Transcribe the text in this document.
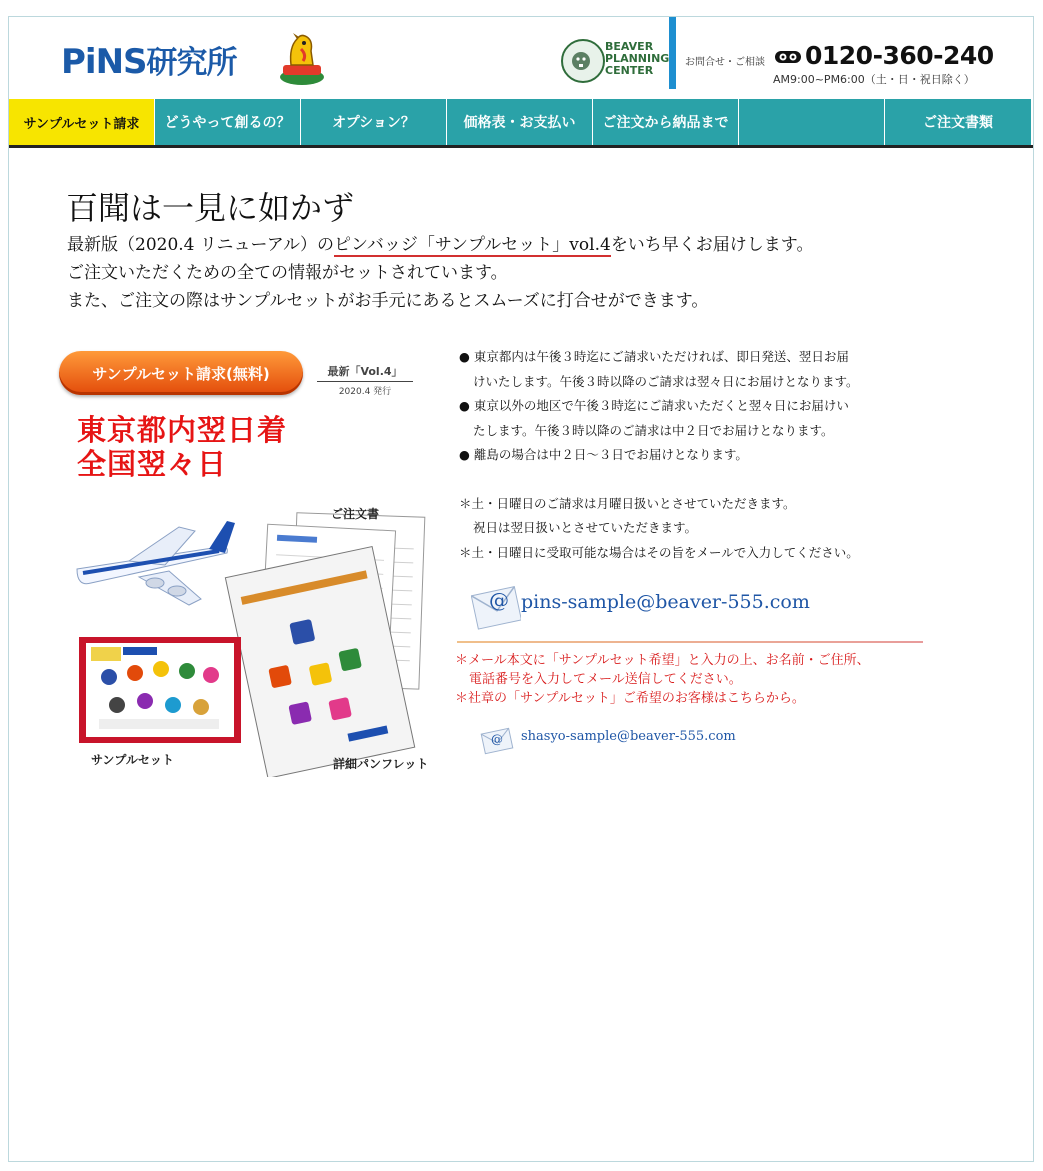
PiNS研究所	BEAVER
PLANNING
CENTER
お問合せ・ご相談 0120-360-240
AM9:00~PM6:00（土・日・祝日除く）
サンプルセット請求	どうやって創るの？	オプション？	価格表・お支払い	ご注文から納品まで	ご注文書類
百聞は一見に如かず
最新版（2020.4 リニューアル）のピンバッジ「サンプルセット」vol.4をいち早くお届けします。
ご注文いただくための全ての情報がセットされています。
また、ご注文の際はサンプルセットがお手元にあるとスムーズに打合せができます。
サンプルセット請求(無料)	最新「Vol.4」
2020.4 発行
東京都内翌日着
全国翌々日
ご注文書
サンプルセット	詳細パンフレット

● 東京都内は午後３時迄にご請求いただければ、即日発送、翌日お届

けいたします。午後３時以降のご請求は翌々日にお届けとなります。

● 東京以外の地区で午後３時迄にご請求いただくと翌々日にお届けい

たします。午後３時以降のご請求は中２日でお届けとなります。

● 離島の場合は中２日〜３日でお届けとなります。

＊土・日曜日のご請求は月曜日扱いとさせていただきます。

祝日は翌日扱いとさせていただきます。

＊土・日曜日に受取可能な場合はその旨をメールで入力してください。

@ pins-sample@beaver-555.com

＊メール本文に「サンプルセット希望」と入力の上、お名前・ご住所、

電話番号を入力してメール送信してください。

＊社章の「サンプルセット」ご希望のお客様はこちらから。

@ shasyo-sample@beaver-555.com
